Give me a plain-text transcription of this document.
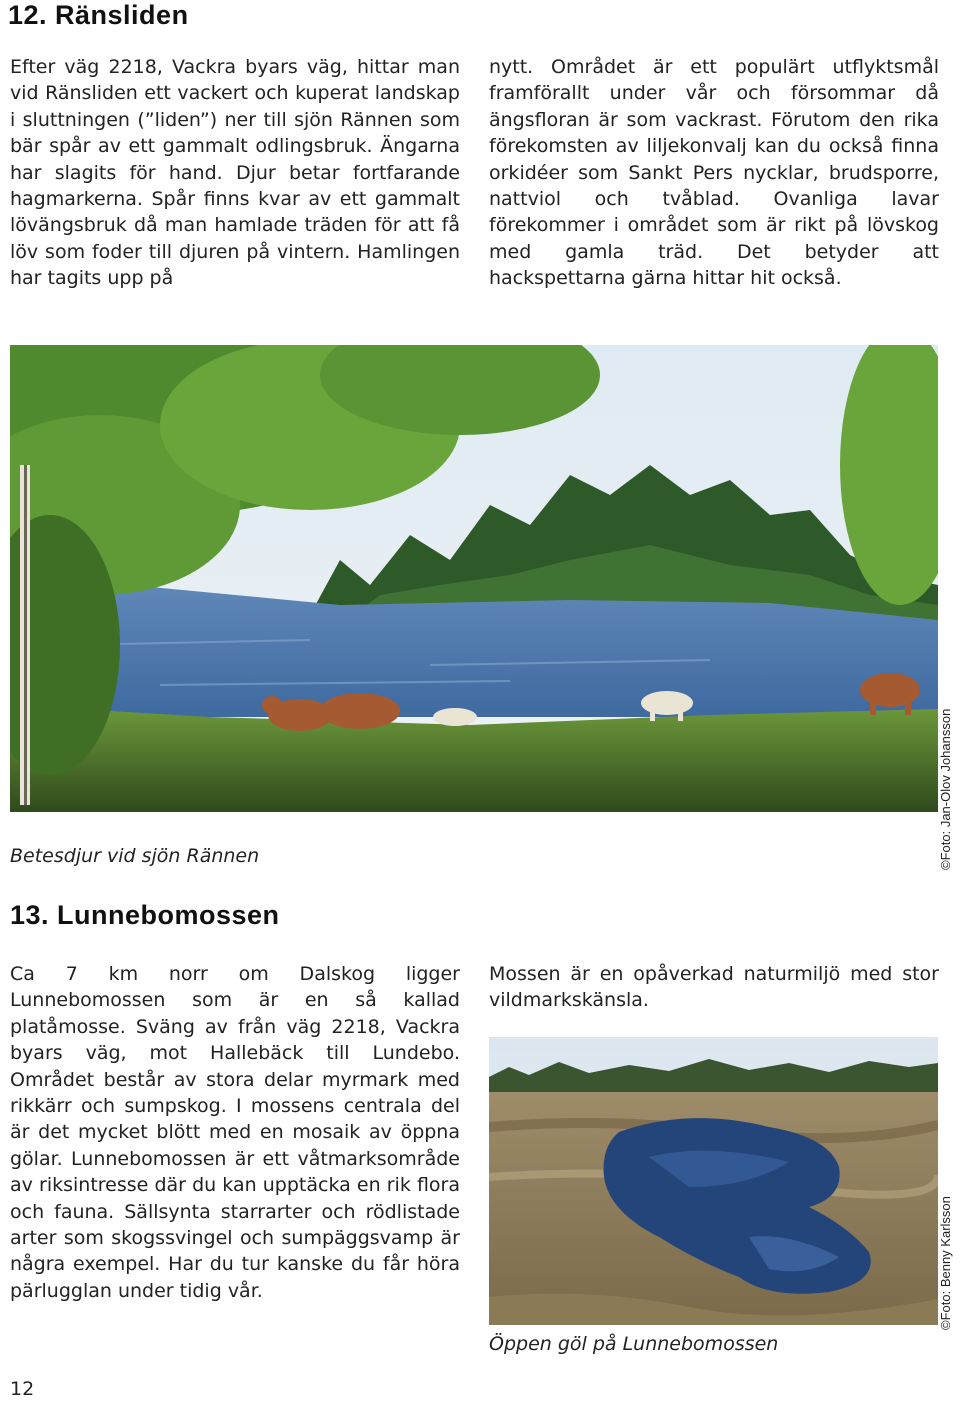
12. Ränsliden

Efter väg 2218, Vackra byars väg, hittar man vid Ränsliden ett vackert och kuperat landskap i sluttningen (”liden”) ner till sjön Rännen som bär spår av ett gammalt odlingsbruk. Ängarna har slagits för hand. Djur betar fortfarande hagmarkerna. Spår finns kvar av ett gammalt lövängsbruk då man hamlade träden för att få löv som foder till djuren på vintern. Hamlingen har tagits upp på

nytt. Området är ett populärt utflyktsmål framförallt under vår och försommar då ängsfloran är som vackrast. Förutom den rika förekomsten av liljekonvalj kan du också finna orkidéer som Sankt Pers nycklar, brudsporre, nattviol och tvåblad. Ovanliga lavar förekommer i området som är rikt på lövskog med gamla träd. Det betyder att hackspettarna gärna hittar hit också.

Betesdjur vid sjön Rännen	©Foto: Jan-Olov Johansson
13. Lunnebomossen

Ca 7 km norr om Dalskog ligger Lunnebomossen som är en så kallad platåmosse. Sväng av från väg 2218, Vackra byars väg, mot Hallebäck till Lundebo. Området består av stora delar myrmark med rikkärr och sumpskog. I mossens centrala del är det mycket blött med en mosaik av öppna gölar. Lunnebomossen är ett våtmarksområde av riksintresse där du kan upptäcka en rik flora och fauna. Sällsynta starrarter och rödlistade arter som skogssvingel och sumpäggsvamp är några exempel. Har du tur kanske du får höra pärlugglan under tidig vår.

Mossen är en opåverkad naturmiljö med stor vildmarkskänsla.

Öppen göl på Lunnebomossen
©Foto: Benny Karlsson
12
